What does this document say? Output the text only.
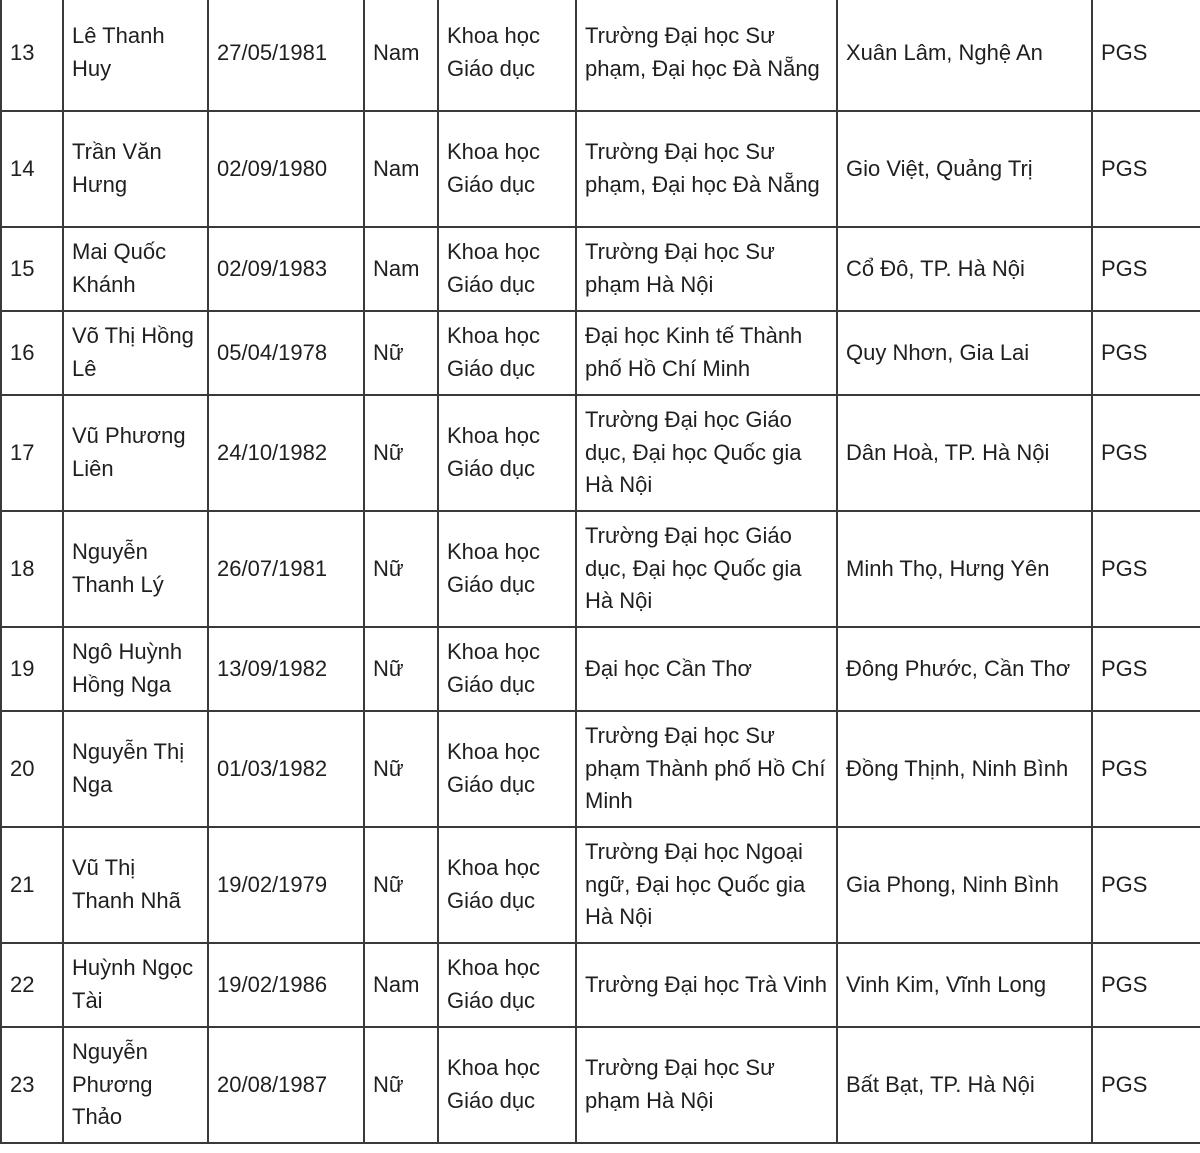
13	Lê Thanh Huy	27/05/1981	Nam	Khoa học Giáo dục	Trường Đại học Sư phạm, Đại học Đà Nẵng	Xuân Lâm, Nghệ An	PGS
14	Trần Văn Hưng	02/09/1980	Nam	Khoa học Giáo dục	Trường Đại học Sư phạm, Đại học Đà Nẵng	Gio Việt, Quảng Trị	PGS
15	Mai Quốc Khánh	02/09/1983	Nam	Khoa học Giáo dục	Trường Đại học Sư phạm Hà Nội	Cổ Đô, TP. Hà Nội	PGS
16	Võ Thị Hồng Lê	05/04/1978	Nữ	Khoa học Giáo dục	Đại học Kinh tế Thành phố Hồ Chí Minh	Quy Nhơn, Gia Lai	PGS
17	Vũ Phương Liên	24/10/1982	Nữ	Khoa học Giáo dục	Trường Đại học Giáo dục, Đại học Quốc gia Hà Nội	Dân Hoà, TP. Hà Nội	PGS
18	Nguyễn Thanh Lý	26/07/1981	Nữ	Khoa học Giáo dục	Trường Đại học Giáo dục, Đại học Quốc gia Hà Nội	Minh Thọ, Hưng Yên	PGS
19	Ngô Huỳnh Hồng Nga	13/09/1982	Nữ	Khoa học Giáo dục	Đại học Cần Thơ	Đông Phước, Cần Thơ	PGS
20	Nguyễn Thị Nga	01/03/1982	Nữ	Khoa học Giáo dục	Trường Đại học Sư phạm Thành phố Hồ Chí Minh	Đồng Thịnh, Ninh Bình	PGS
21	Vũ Thị Thanh Nhã	19/02/1979	Nữ	Khoa học Giáo dục	Trường Đại học Ngoại ngữ, Đại học Quốc gia Hà Nội	Gia Phong, Ninh Bình	PGS
22	Huỳnh Ngọc Tài	19/02/1986	Nam	Khoa học Giáo dục	Trường Đại học Trà Vinh	Vinh Kim, Vĩnh Long	PGS
23	Nguyễn Phương Thảo	20/08/1987	Nữ	Khoa học Giáo dục	Trường Đại học Sư phạm Hà Nội	Bất Bạt, TP. Hà Nội	PGS
